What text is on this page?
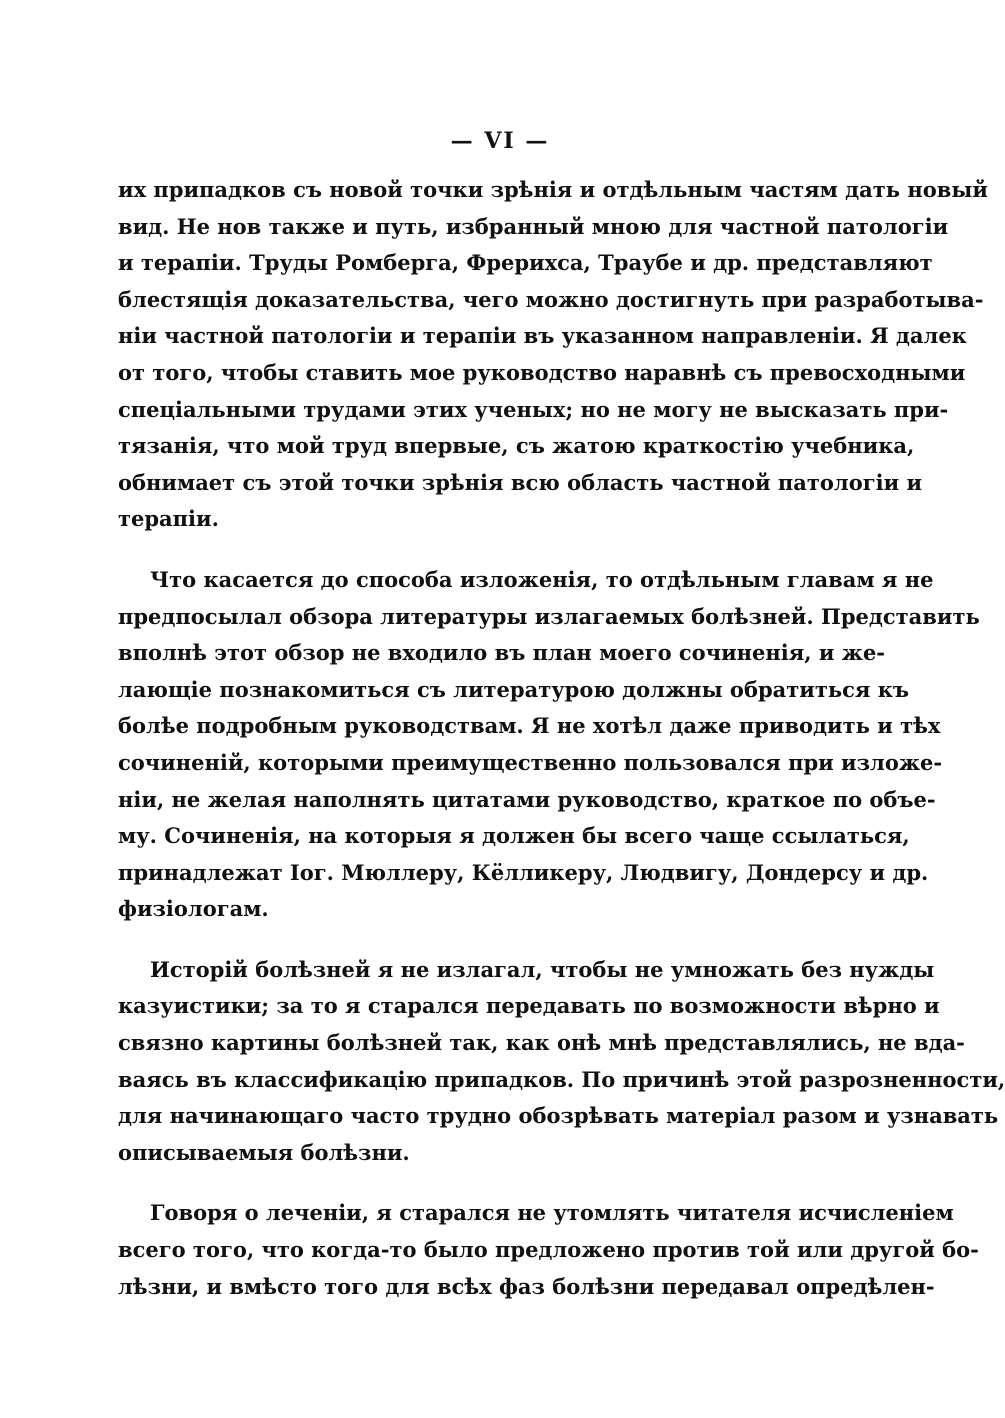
— VI —

их припадков съ новой точки зрѣнія и отдѣльным частям дать новый
вид. Не нов также и путь, избранный мною для частной патологіи
и терапіи. Труды Ромберга, Фрерихса, Траубе и др. представляют
блестящія доказательства, чего можно достигнуть при разработыва-
ніи частной патологіи и терапіи въ указанном направленіи. Я далек
от того, чтобы ставить мое руководство наравнѣ съ превосходными
спеціальными трудами этих ученых; но не могу не высказать при-
тязанія, что мой труд впервые, съ жатою краткостію учебника,
обнимает съ этой точки зрѣнія всю область частной патологіи и
терапіи.

Что касается до способа изложенія, то отдѣльным главам я не
предпосылал обзора литературы излагаемых болѣзней. Представить
вполнѣ этот обзор не входило въ план моего сочиненія, и же-
лающіе познакомиться съ литературою должны обратиться къ
болѣе подробным руководствам. Я не хотѣл даже приводить и тѣх
сочиненій, которыми преимущественно пользовался при изложе-
ніи, не желая наполнять цитатами руководство, краткое по объе-
му. Сочиненія, на которыя я должен бы всего чаще ссылаться,
принадлежат Іог. Мюллеру, Кёлликеру, Людвигу, Дондерсу и др.
физіологам.

Исторій болѣзней я не излагал, чтобы не умножать без нужды
казуистики; за то я старался передавать по возможности вѣрно и
связно картины болѣзней так, как онѣ мнѣ представлялись, не вда-
ваясь въ классификацію припадков. По причинѣ этой разрозненности,
для начинающаго часто трудно обозрѣвать матеріал разом и узнавать
описываемыя болѣзни.

Говоря о леченіи, я старался не утомлять читателя исчисленіем
всего того, что когда-то было предложено против той или другой бо-
лѣзни, и вмѣсто того для всѣх фаз болѣзни передавал опредѣлен-
